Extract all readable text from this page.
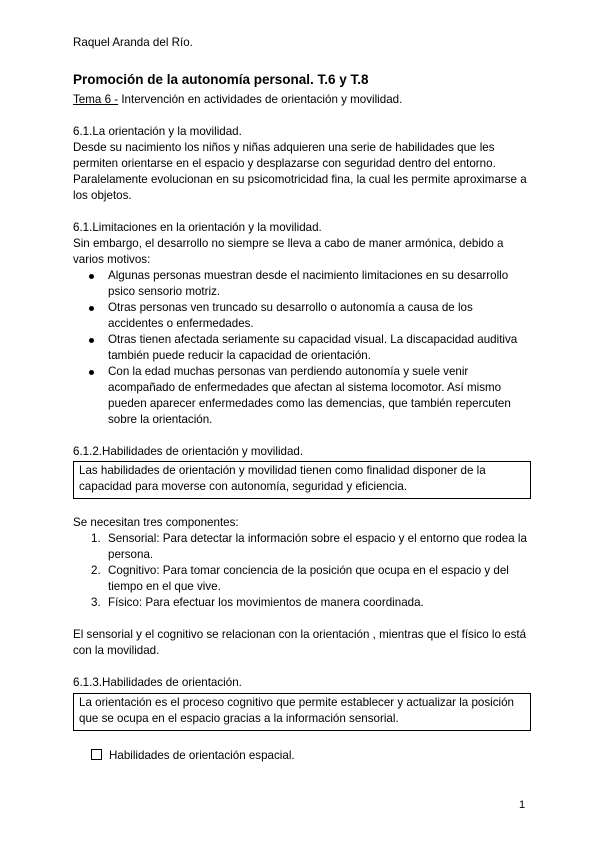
Raquel Aranda del Río.
Promoción de la autonomía personal. T.6 y T.8
Tema 6 - Intervención en actividades de orientación y movilidad.

6.1.La orientación y la movilidad.

Desde su nacimiento los niños y niñas adquieren una serie de habilidades que les permiten orientarse en el espacio y desplazarse con seguridad dentro del entorno. Paralelamente evolucionan en su psicomotricidad fina, la cual les permite aproximarse a los objetos.

6.1.Limitaciones en la orientación y la movilidad.

Sin embargo, el desarrollo no siempre se lleva a cabo de maner armónica, debido a varios motivos:

Algunas personas muestran desde el nacimiento limitaciones en su desarrollo psico sensorio motriz.
Otras personas ven truncado su desarrollo o autonomía a causa de los accidentes o enfermedades.
Otras tienen afectada seriamente su capacidad visual. La discapacidad auditiva también puede reducir la capacidad de orientación.
Con la edad muchas personas van perdiendo autonomía y suele venir acompañado de enfermedades que afectan al sistema locomotor. Así mismo pueden aparecer enfermedades como las demencias, que también repercuten sobre la orientación.
6.1.2.Habilidades de orientación y movilidad.
Las habilidades de orientación y movilidad tienen como finalidad disponer de la capacidad para moverse con autonomía, seguridad y eficiencia.

Se necesitan tres componentes:

1. Sensorial: Para detectar la información sobre el espacio y el entorno que rodea la persona.
2. Cognitivo: Para tomar conciencia de la posición que ocupa en el espacio y del tiempo en el que vive.
3. Físico: Para efectuar los movimientos de manera coordinada.
El sensorial y el cognitivo se relacionan con la orientación , mientras que el físico lo está con la movilidad.
6.1.3.Habilidades de orientación.
La orientación es el proceso cognitivo que permite establecer y actualizar la posición que se ocupa en el espacio gracias a la información sensorial.
Habilidades de orientación espacial.
1
